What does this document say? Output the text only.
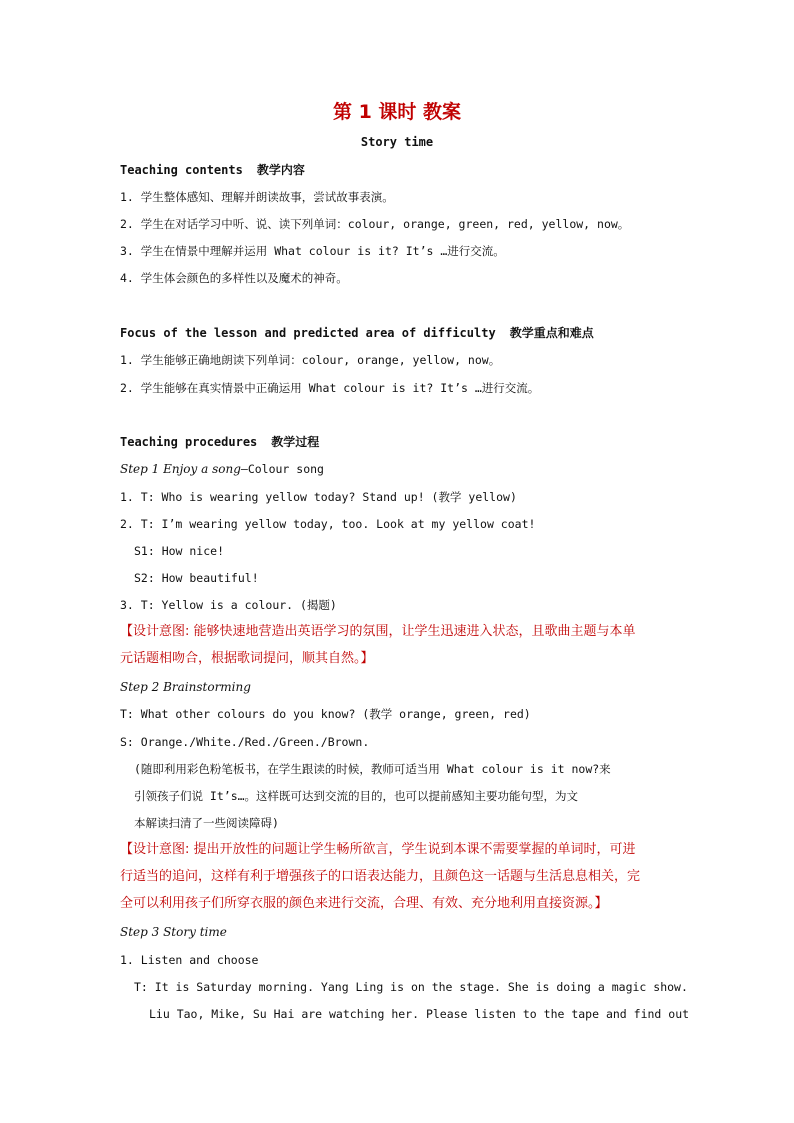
第 1 课时 教案
Story time
Teaching contents 教学内容
1. 学生整体感知、理解并朗读故事，尝试故事表演。
2. 学生在对话学习中听、说、读下列单词：colour, orange, green, red, yellow, now。
3. 学生在情景中理解并运用 What colour is it? It’s …进行交流。
4. 学生体会颜色的多样性以及魔术的神奇。
Focus of the lesson and predicted area of difficulty 教学重点和难点
1. 学生能够正确地朗读下列单词：colour, orange, yellow, now。
2. 学生能够在真实情景中正确运用 What colour is it? It’s …进行交流。
Teaching procedures 教学过程
Step 1 Enjoy a song—Colour song
1. T: Who is wearing yellow today? Stand up! (教学 yellow)
2. T: I’m wearing yellow today, too. Look at my yellow coat!
S1: How nice!
S2: How beautiful!
3. T: Yellow is a colour. (揭题)
【设计意图: 能够快速地营造出英语学习的氛围，让学生迅速进入状态，且歌曲主题与本单
元话题相吻合，根据歌词提问，顺其自然。】
Step 2 Brainstorming
T: What other colours do you know? (教学 orange, green, red)
S: Orange./White./Red./Green./Brown.
(随即利用彩色粉笔板书，在学生跟读的时候，教师可适当用 What colour is it now?来
引领孩子们说 It’s…。这样既可达到交流的目的，也可以提前感知主要功能句型，为文
本解读扫清了一些阅读障碍)
【设计意图: 提出开放性的问题让学生畅所欲言，学生说到本课不需要掌握的单词时，可进
行适当的追问，这样有利于增强孩子的口语表达能力，且颜色这一话题与生活息息相关，完
全可以利用孩子们所穿衣服的颜色来进行交流，合理、有效、充分地利用直接资源。】
Step 3 Story time
1. Listen and choose
T: It is Saturday morning. Yang Ling is on the stage. She is doing a magic show.
Liu Tao, Mike, Su Hai are watching her. Please listen to the tape and find out
